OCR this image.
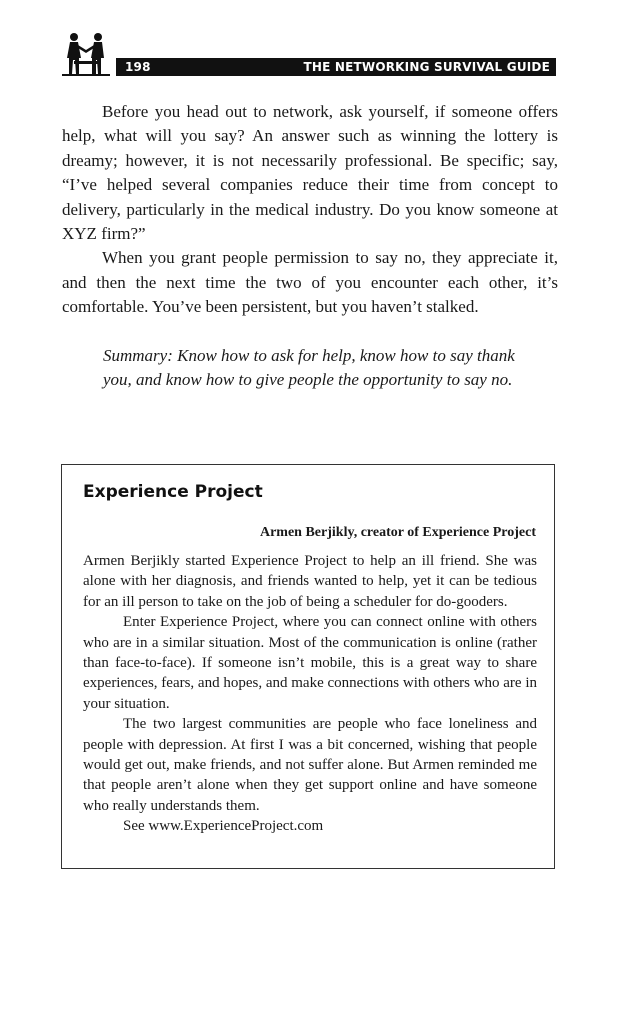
198	THE NETWORKING SURVIVAL GUIDE

Before you head out to network, ask yourself, if someone offers help, what will you say? An answer such as winning the lottery is dreamy; however, it is not necessarily professional. Be specific; say, “I’ve helped several companies reduce their time from concept to delivery, particularly in the medical industry. Do you know someone at XYZ firm?”

When you grant people permission to say no, they appreciate it, and then the next time the two of you encounter each other, it’s comfortable. You’ve been persistent, but you haven’t stalked.

Summary: Know how to ask for help, know how to say thank you, and know how to give people the opportunity to say no.

Experience Project

Armen Berjikly, creator of Experience Project

Armen Berjikly started Experience Project to help an ill friend. She was alone with her diagnosis, and friends wanted to help, yet it can be tedious for an ill person to take on the job of being a scheduler for do-gooders.

Enter Experience Project, where you can connect online with others who are in a similar situation. Most of the communication is online (rather than face-to-face). If someone isn’t mobile, this is a great way to share experiences, fears, and hopes, and make connections with others who are in your situation.

The two largest communities are people who face loneliness and people with depression. At first I was a bit concerned, wishing that people would get out, make friends, and not suffer alone. But Armen reminded me that people aren’t alone when they get support online and have someone who really understands them.

See www.ExperienceProject.com
